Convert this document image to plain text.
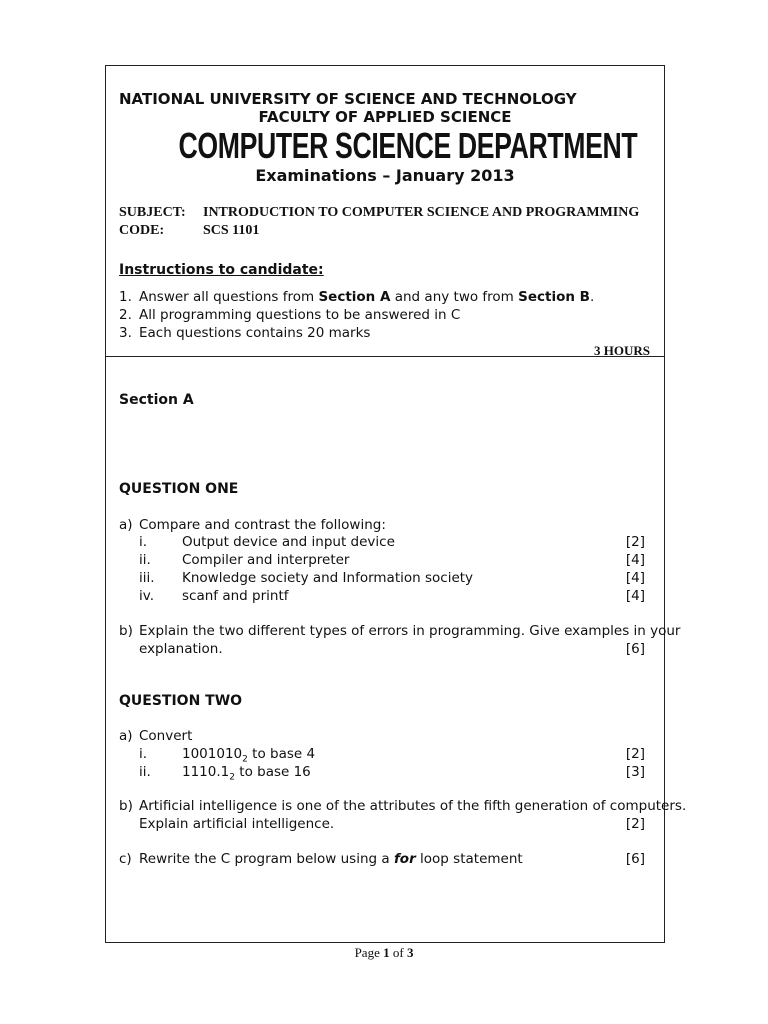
NATIONAL UNIVERSITY OF SCIENCE AND TECHNOLOGY
FACULTY OF APPLIED SCIENCE
COMPUTER SCIENCE DEPARTMENT
Examinations – January 2013
SUBJECT: INTRODUCTION TO COMPUTER SCIENCE AND PROGRAMMING
CODE:	SCS 1101
Instructions to candidate:
1. Answer all questions from Section A and any two from Section B.
2. All programming questions to be answered in C
3. Each questions contains 20 marks
3 HOURS
Section A
QUESTION ONE
a) Compare and contrast the following:
i.	Output device and input device	[2]
ii. Compiler and interpreter	[4]
iii. Knowledge society and Information society	[4]
iv. scanf and printf	[4]
b) Explain the two different types of errors in programming. Give examples in your
explanation.	[6]
QUESTION TWO
a) Convert
i.	$1001010_2$ to base 4	[2]
ii. $1110.1_2$ to base 16	[3]
b) Artificial intelligence is one of the attributes of the fifth generation of computers.
Explain artificial intelligence.	[2]
c) Rewrite the C program below using a for loop statement	[6]
Page 1 of 3
